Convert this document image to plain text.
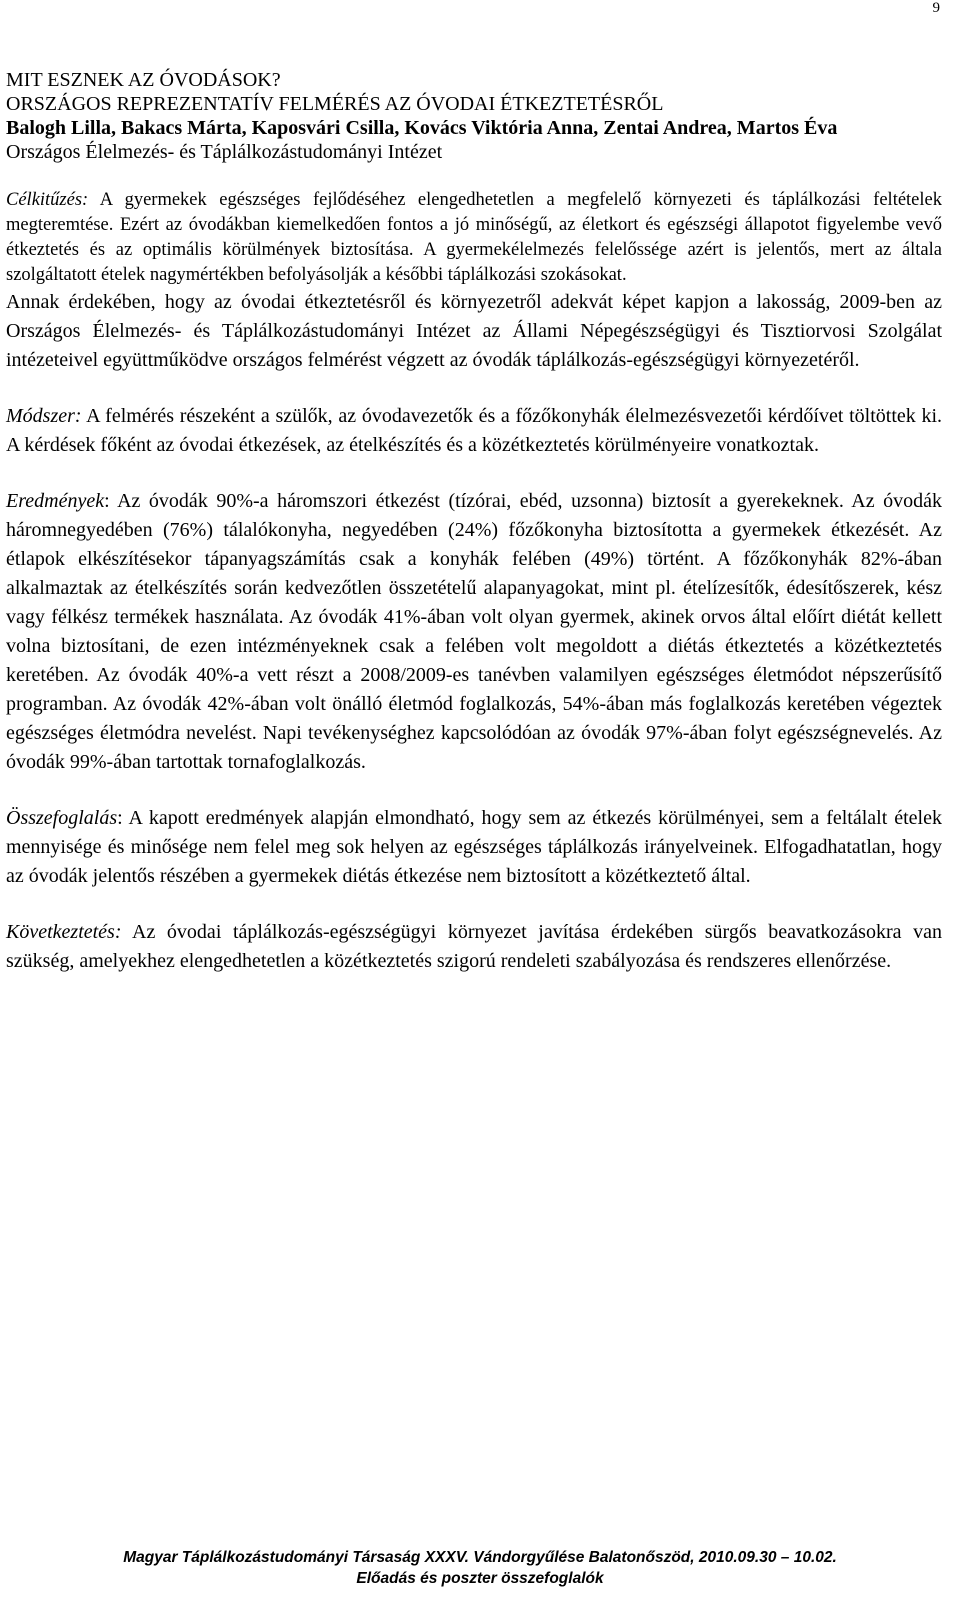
9
MIT ESZNEK AZ ÓVODÁSOK?
ORSZÁGOS REPREZENTATÍV FELMÉRÉS AZ ÓVODAI ÉTKEZTETÉSRŐL
Balogh Lilla, Bakacs Márta, Kaposvári Csilla, Kovács Viktória Anna, Zentai Andrea, Martos Éva
Országos Élelmezés- és Táplálkozástudományi Intézet

Célkitűzés: A gyermekek egészséges fejlődéséhez elengedhetetlen a megfelelő környezeti és táplálkozási feltételek megteremtése. Ezért az óvodákban kiemelkedően fontos a jó minőségű, az életkort és egészségi állapotot figyelembe vevő étkeztetés és az optimális körülmények biztosítása. A gyermekélelmezés felelőssége azért is jelentős, mert az általa szolgáltatott ételek nagymértékben befolyásolják a későbbi táplálkozási szokásokat.

Annak érdekében, hogy az óvodai étkeztetésről és környezetről adekvát képet kapjon a lakosság, 2009-ben az Országos Élelmezés- és Táplálkozástudományi Intézet az Állami Népegészségügyi és Tisztiorvosi Szolgálat intézeteivel együttműködve országos felmérést végzett az óvodák táplálkozás-egészségügyi környezetéről.

Módszer: A felmérés részeként a szülők, az óvodavezetők és a főzőkonyhák élelmezésvezetői kérdőívet töltöttek ki. A kérdések főként az óvodai étkezések, az ételkészítés és a közétkeztetés körülményeire vonatkoztak.

Eredmények: Az óvodák 90%-a háromszori étkezést (tízórai, ebéd, uzsonna) biztosít a gyerekeknek. Az óvodák háromnegyedében (76%) tálalókonyha, negyedében (24%) főzőkonyha biztosította a gyermekek étkezését. Az étlapok elkészítésekor tápanyagszámítás csak a konyhák felében (49%) történt. A főzőkonyhák 82%-ában alkalmaztak az ételkészítés során kedvezőtlen összetételű alapanyagokat, mint pl. ételízesítők, édesítőszerek, kész vagy félkész termékek használata. Az óvodák 41%-ában volt olyan gyermek, akinek orvos által előírt diétát kellett volna biztosítani, de ezen intézményeknek csak a felében volt megoldott a diétás étkeztetés a közétkeztetés keretében. Az óvodák 40%-a vett részt a 2008/2009-es tanévben valamilyen egészséges életmódot népszerűsítő programban. Az óvodák 42%-ában volt önálló életmód foglalkozás, 54%-ában más foglalkozás keretében végeztek egészséges életmódra nevelést. Napi tevékenységhez kapcsolódóan az óvodák 97%-ában folyt egészségnevelés. Az óvodák 99%-ában tartottak tornafoglalkozás.

Összefoglalás: A kapott eredmények alapján elmondható, hogy sem az étkezés körülményei, sem a feltálalt ételek mennyisége és minősége nem felel meg sok helyen az egészséges táplálkozás irányelveinek. Elfogadhatatlan, hogy az óvodák jelentős részében a gyermekek diétás étkezése nem biztosított a közétkeztető által.

Következtetés: Az óvodai táplálkozás-egészségügyi környezet javítása érdekében sürgős beavatkozásokra van szükség, amelyekhez elengedhetetlen a közétkeztetés szigorú rendeleti szabályozása és rendszeres ellenőrzése.

Magyar Táplálkozástudományi Társaság XXXV. Vándorgyűlése Balatonőszöd, 2010.09.30 – 10.02.
Előadás és poszter összefoglalók
